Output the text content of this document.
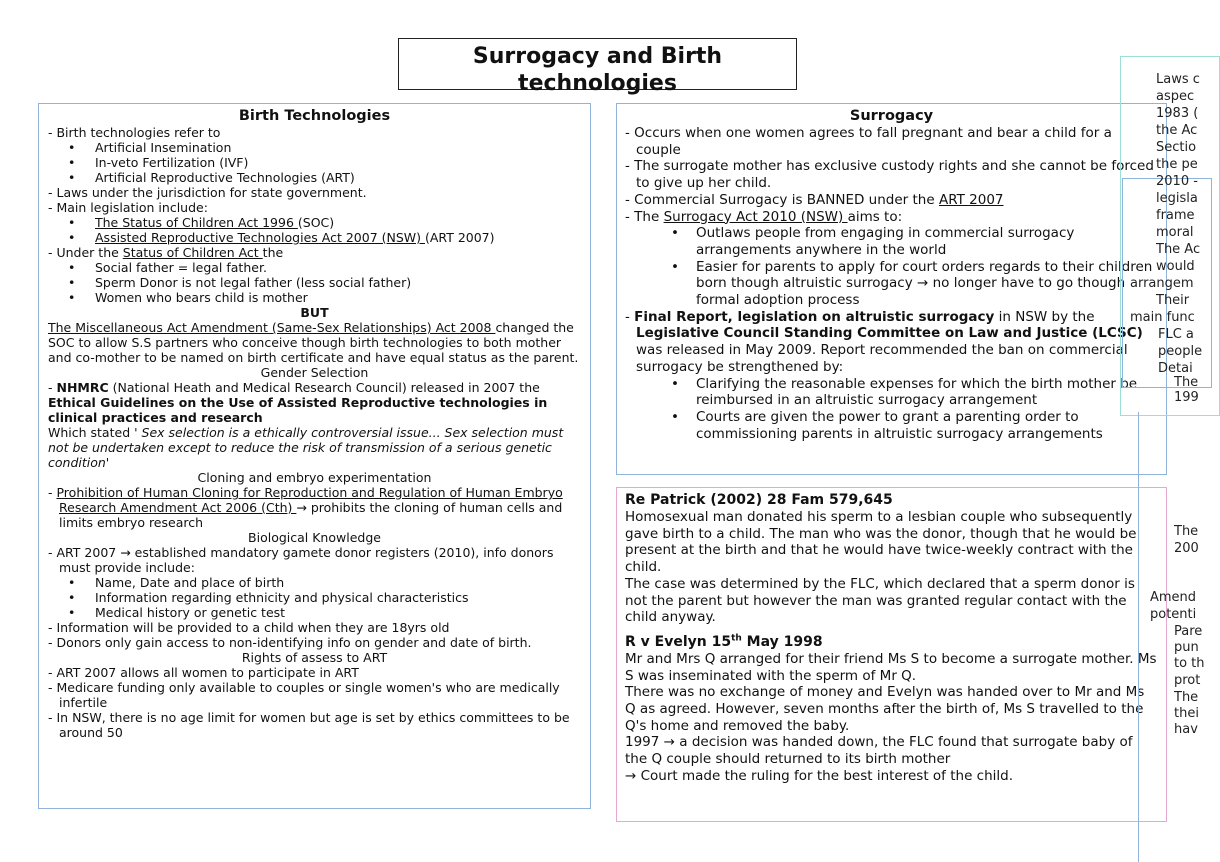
Surrogacy and Birth technologies
Birth Technologies
- Birth technologies refer to
• Artificial Insemination
• In-veto Fertilization (IVF)
• Artificial Reproductive Technologies (ART)
- Laws under the jurisdiction for state government.
- Main legislation include:
• The Status of Children Act 1996 (SOC)
• Assisted Reproductive Technologies Act 2007 (NSW) (ART 2007)
- Under the Status of Children Act the
• Social father = legal father.
• Sperm Donor is not legal father (less social father)
• Women who bears child is mother
BUT
The Miscellaneous Act Amendment (Same-Sex Relationships) Act 2008 changed the SOC to allow S.S partners who conceive though birth technologies to both mother and co-mother to be named on birth certificate and have equal status as the parent.
Gender Selection
- NHMRC (National Heath and Medical Research Council) released in 2007 the
Ethical Guidelines on the Use of Assisted Reproductive technologies in clinical practices and research
Which stated ' Sex selection is a ethically controversial issue... Sex selection must not be undertaken except to reduce the risk of transmission of a serious genetic condition'
Cloning and embryo experimentation
- Prohibition of Human Cloning for Reproduction and Regulation of Human Embryo Research Amendment Act 2006 (Cth) → prohibits the cloning of human cells and limits embryo research
Biological Knowledge
- ART 2007 → established mandatory gamete donor registers (2010), info donors must provide include:
• Name, Date and place of birth
• Information regarding ethnicity and physical characteristics
• Medical history or genetic test
- Information will be provided to a child when they are 18yrs old
- Donors only gain access to non-identifying info on gender and date of birth.
Rights of assess to ART
- ART 2007 allows all women to participate in ART
- Medicare funding only available to couples or single women's who are medically infertile
- In NSW, there is no age limit for women but age is set by ethics committees to be around 50
Surrogacy
- Occurs when one women agrees to fall pregnant and bear a child for a couple
- The surrogate mother has exclusive custody rights and she cannot be forced to give up her child.
- Commercial Surrogacy is BANNED under the ART 2007
- The Surrogacy Act 2010 (NSW) aims to:
• Outlaws people from engaging in commercial surrogacy arrangements anywhere in the world
• Easier for parents to apply for court orders regards to their children born though altruistic surrogacy → no longer have to go though formal adoption process
- Final Report, legislation on altruistic surrogacy in NSW by the Legislative Council Standing Committee on Law and Justice (LCSC) was released in May 2009. Report recommended the ban on commercial surrogacy be strengthened by:
• Clarifying the reasonable expenses for which the birth mother be reimbursed in an altruistic surrogacy arrangement
• Courts are given the power to grant a parenting order to commissioning parents in altruistic surrogacy arrangements
Re Patrick (2002) 28 Fam 579,645
Homosexual man donated his sperm to a lesbian couple who subsequently gave birth to a child. The man who was the donor, though that he would be present at the birth and that he would have twice-weekly contract with the child.
The case was determined by the FLC, which declared that a sperm donor is not the parent but however the man was granted regular contact with the child anyway.
R v Evelyn 15th May 1998
Mr and Mrs Q arranged for their friend Ms S to become a surrogate mother. Ms S was inseminated with the sperm of Mr Q.
There was no exchange of money and Evelyn was handed over to Mr and Ms Q as agreed. However, seven months after the birth of, Ms S travelled to the Q's home and removed the baby.
1997 → a decision was handed down, the FLC found that surrogate baby of the Q couple should returned to its birth mother
→ Court made the ruling for the best interest of the child.
Laws c
aspec
1983 (
the Ac
Sectio
the pe
2010 -
legisla
frame
moral
The Ac
would
arrangem
Their
main func
FLC a
people
Detai
The
199
The
200
Amend
potenti
Pare
pun
to th
prot
The
thei
hav
